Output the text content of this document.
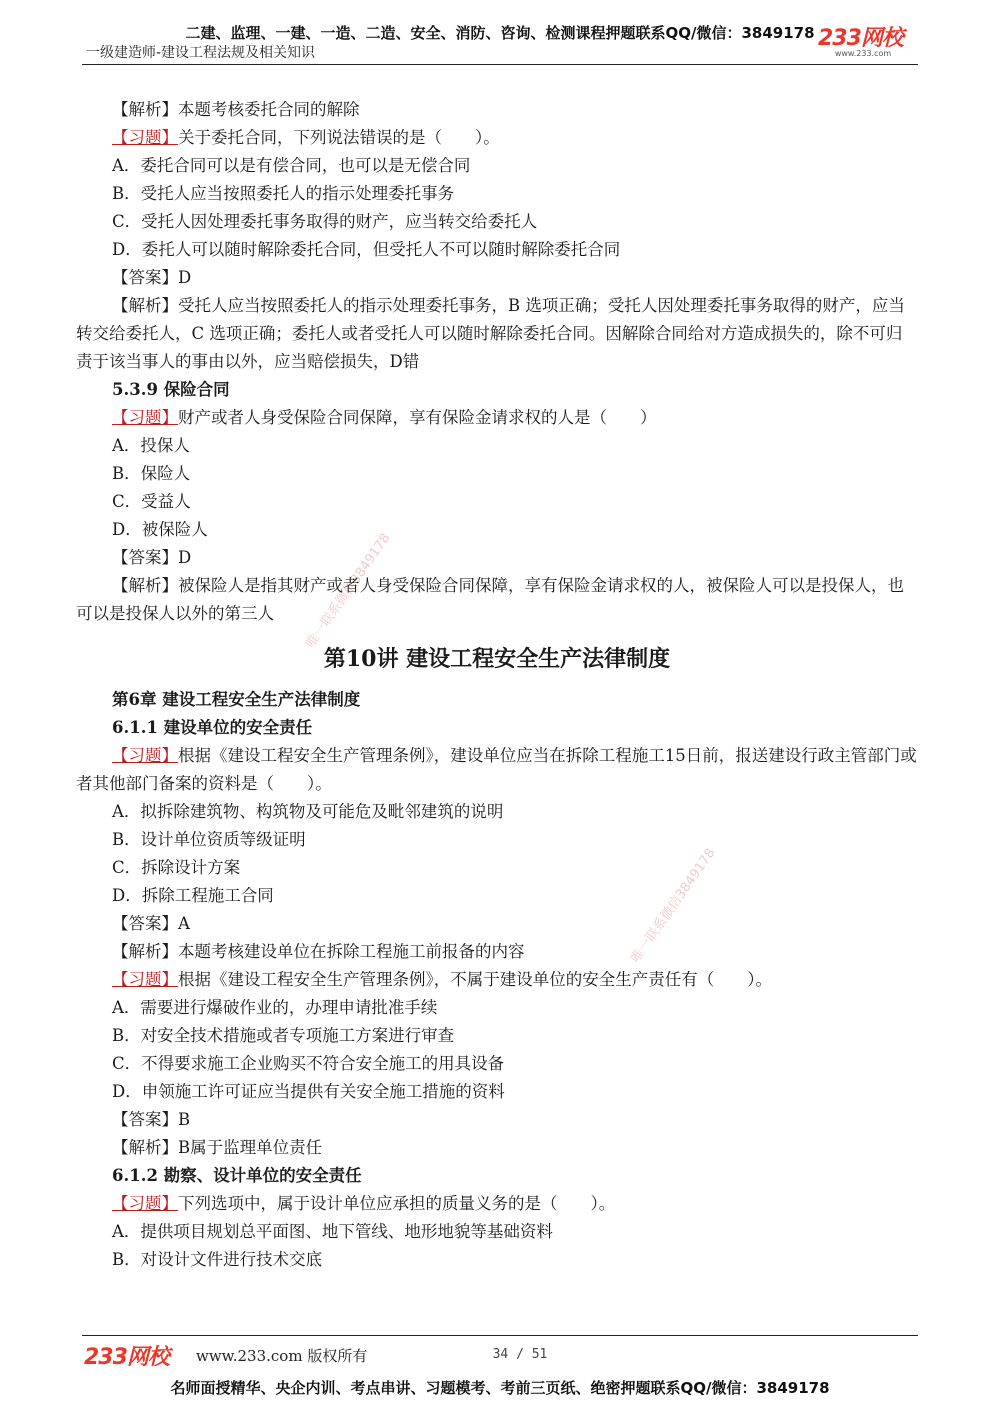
二建、监理、一建、一造、二造、安全、消防、咨询、检测课程押题联系QQ/微信：3849178
一级建造师-建设工程法规及相关知识
233网校
www.233.com

【解析】本题考核委托合同的解除

【习题】关于委托合同，下列说法错误的是（　　）。

A．委托合同可以是有偿合同，也可以是无偿合同

B．受托人应当按照委托人的指示处理委托事务

C．受托人因处理委托事务取得的财产，应当转交给委托人

D．委托人可以随时解除委托合同，但受托人不可以随时解除委托合同

【答案】D

【解析】受托人应当按照委托人的指示处理委托事务，B 选项正确；受托人因处理委托事务取得的财产，应当转交给委托人，C 选项正确；委托人或者受托人可以随时解除委托合同。因解除合同给对方造成损失的，除不可归责于该当事人的事由以外，应当赔偿损失，D错

5.3.9 保险合同

【习题】财产或者人身受保险合同保障，享有保险金请求权的人是（　　）

A．投保人

B．保险人

C．受益人

D．被保险人

【答案】D

【解析】被保险人是指其财产或者人身受保险合同保障，享有保险金请求权的人，被保险人可以是投保人，也可以是投保人以外的第三人

第10讲 建设工程安全生产法律制度

第6章 建设工程安全生产法律制度

6.1.1 建设单位的安全责任

【习题】根据《建设工程安全生产管理条例》，建设单位应当在拆除工程施工15日前，报送建设行政主管部门或者其他部门备案的资料是（　　）。

A．拟拆除建筑物、构筑物及可能危及毗邻建筑的说明

B．设计单位资质等级证明

C．拆除设计方案

D．拆除工程施工合同

【答案】A

【解析】本题考核建设单位在拆除工程施工前报备的内容

【习题】根据《建设工程安全生产管理条例》，不属于建设单位的安全生产责任有（　　）。

A．需要进行爆破作业的，办理申请批准手续

B．对安全技术措施或者专项施工方案进行审查

C．不得要求施工企业购买不符合安全施工的用具设备

D．申领施工许可证应当提供有关安全施工措施的资料

【答案】B

【解析】B属于监理单位责任

6.1.2 勘察、设计单位的安全责任

【习题】下列选项中，属于设计单位应承担的质量义务的是（　　）。

A．提供项目规划总平面图、地下管线、地形地貌等基础资料

B．对设计文件进行技术交底

唯一联系微信3849178
唯一联系微信3849178
233网校 www.233.com 版权所有	34 / 51
名师面授精华、央企内训、考点串讲、习题模考、考前三页纸、绝密押题联系QQ/微信：3849178
